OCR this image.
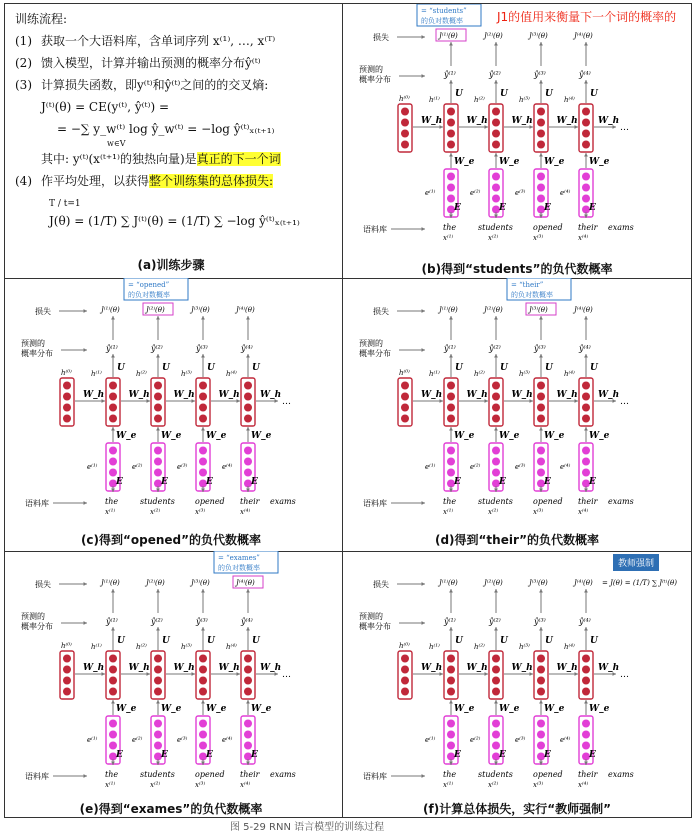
训练流程:
(1) 获取一个大语料库，含单词序列 x⁽¹⁾, …, x⁽ᵀ⁾
(2) 馈入模型，计算并输出预测的概率分布ŷ⁽ᵗ⁾
(3) 计算损失函数，即y⁽ᵗ⁾和ŷ⁽ᵗ⁾之间的的交叉熵:
J⁽ᵗ⁾(θ) = CE(y⁽ᵗ⁾, ŷ⁽ᵗ⁾) =
= −∑ y_w⁽ᵗ⁾ log ŷ_w⁽ᵗ⁾ = −log ŷ⁽ᵗ⁾ₓ₍ₜ₊₁₎
w∈V
其中: y⁽ᵗ⁾(x⁽ᵗ⁺¹⁾的独热向量)是真正的下一个词
(4) 作平均处理，以获得整个训练集的总体损失:
T / t=1
J(θ) = (1/T) ∑ J⁽ᵗ⁾(θ) = (1/T) ∑ −log ŷ⁽ᵗ⁾ₓ₍ₜ₊₁₎
(a)训练步骤
损失
预测的
概率分布
语料库
h⁽⁰⁾
W_h
h⁽¹⁾
e⁽¹⁾
W_e
E
U
ŷ⁽¹⁾
J⁽¹⁾(θ)
the
x⁽¹⁾
= “students”
的负对数概率
W_h
h⁽²⁾
e⁽²⁾
W_e
E
U
ŷ⁽²⁾
J⁽²⁾(θ)
students
x⁽²⁾
W_h
h⁽³⁾
e⁽³⁾
W_e
E
U
ŷ⁽³⁾
J⁽³⁾(θ)
opened
x⁽³⁾
W_h
h⁽⁴⁾
e⁽⁴⁾
W_e
E
U
ŷ⁽⁴⁾
J⁽⁴⁾(θ)
their
x⁽⁴⁾
W_h
…
exams
(b)得到“students”的负代数概率
损失
预测的
概率分布
语料库
h⁽⁰⁾
W_h
h⁽¹⁾
e⁽¹⁾
W_e
E
U
ŷ⁽¹⁾
J⁽¹⁾(θ)
the
x⁽¹⁾
W_h
h⁽²⁾
e⁽²⁾
W_e
E
U
ŷ⁽²⁾
J⁽²⁾(θ)
students
x⁽²⁾
= “opened”
的负对数概率
W_h
h⁽³⁾
e⁽³⁾
W_e
E
U
ŷ⁽³⁾
J⁽³⁾(θ)
opened
x⁽³⁾
W_h
h⁽⁴⁾
e⁽⁴⁾
W_e
E
U
ŷ⁽⁴⁾
J⁽⁴⁾(θ)
their
x⁽⁴⁾
W_h
…
exams
(c)得到“opened”的负代数概率
损失
预测的
概率分布
语料库
h⁽⁰⁾
W_h
h⁽¹⁾
e⁽¹⁾
W_e
E
U
ŷ⁽¹⁾
J⁽¹⁾(θ)
the
x⁽¹⁾
W_h
h⁽²⁾
e⁽²⁾
W_e
E
U
ŷ⁽²⁾
J⁽²⁾(θ)
students
x⁽²⁾
W_h
h⁽³⁾
e⁽³⁾
W_e
E
U
ŷ⁽³⁾
J⁽³⁾(θ)
opened
x⁽³⁾
= “their”
的负对数概率
W_h
h⁽⁴⁾
e⁽⁴⁾
W_e
E
U
ŷ⁽⁴⁾
J⁽⁴⁾(θ)
their
x⁽⁴⁾
W_h
…
exams
(d)得到“their”的负代数概率
损失
预测的
概率分布
语料库
h⁽⁰⁾
W_h
h⁽¹⁾
e⁽¹⁾
W_e
E
U
ŷ⁽¹⁾
J⁽¹⁾(θ)
the
x⁽¹⁾
W_h
h⁽²⁾
e⁽²⁾
W_e
E
U
ŷ⁽²⁾
J⁽²⁾(θ)
students
x⁽²⁾
W_h
h⁽³⁾
e⁽³⁾
W_e
E
U
ŷ⁽³⁾
J⁽³⁾(θ)
opened
x⁽³⁾
W_h
h⁽⁴⁾
e⁽⁴⁾
W_e
E
U
ŷ⁽⁴⁾
J⁽⁴⁾(θ)
their
x⁽⁴⁾
= “exames”
的负对数概率
W_h
…
exams
(e)得到“exames”的负代数概率
损失
预测的
概率分布
语料库
h⁽⁰⁾
W_h
h⁽¹⁾
e⁽¹⁾
W_e
E
U
ŷ⁽¹⁾
J⁽¹⁾(θ)
the
x⁽¹⁾
W_h
h⁽²⁾
e⁽²⁾
W_e
E
U
ŷ⁽²⁾
J⁽²⁾(θ)
students
x⁽²⁾
W_h
h⁽³⁾
e⁽³⁾
W_e
E
U
ŷ⁽³⁾
J⁽³⁾(θ)
opened
x⁽³⁾
W_h
h⁽⁴⁾
e⁽⁴⁾
W_e
E
U
ŷ⁽⁴⁾
J⁽⁴⁾(θ)
their
x⁽⁴⁾
W_h
…
exams
= J(θ) = (1/T) ∑ J⁽ᵗ⁾(θ)
(f)计算总体损失，实行“教师强制”
J1的值用来衡量下一个词的概率的
教师强制
图 5-29 RNN 语言模型的训练过程
